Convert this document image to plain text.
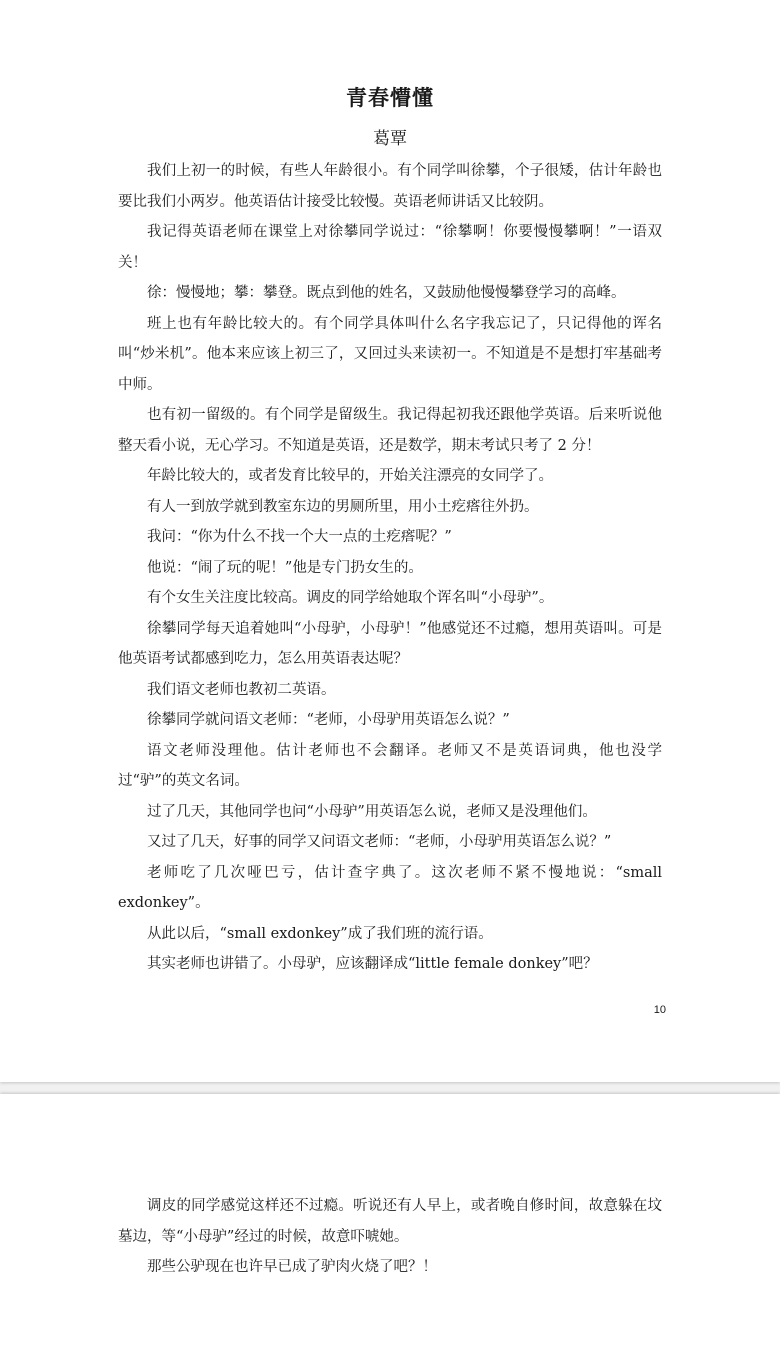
青春懵懂
葛覃

我们上初一的时候，有些人年龄很小。有个同学叫徐攀，个子很矮，估计年龄也要比我们小两岁。他英语估计接受比较慢。英语老师讲话又比较阴。

我记得英语老师在课堂上对徐攀同学说过：“徐攀啊！你要慢慢攀啊！”一语双关！

徐：慢慢地；攀：攀登。既点到他的姓名，又鼓励他慢慢攀登学习的高峰。

班上也有年龄比较大的。有个同学具体叫什么名字我忘记了，只记得他的诨名叫“炒米机”。他本来应该上初三了，又回过头来读初一。不知道是不是想打牢基础考中师。

也有初一留级的。有个同学是留级生。我记得起初我还跟他学英语。后来听说他整天看小说，无心学习。不知道是英语，还是数学，期末考试只考了 2 分！

年龄比较大的，或者发育比较早的，开始关注漂亮的女同学了。

有人一到放学就到教室东边的男厕所里，用小土疙瘩往外扔。

我问：“你为什么不找一个大一点的土疙瘩呢？”

他说：“闹了玩的呢！”他是专门扔女生的。

有个女生关注度比较高。调皮的同学给她取个诨名叫“小母驴”。

徐攀同学每天追着她叫“小母驴，小母驴！”他感觉还不过瘾，想用英语叫。可是他英语考试都感到吃力，怎么用英语表达呢？

我们语文老师也教初二英语。

徐攀同学就问语文老师：“老师，小母驴用英语怎么说？”

语文老师没理他。估计老师也不会翻译。老师又不是英语词典，他也没学过“驴”的英文名词。

过了几天，其他同学也问“小母驴”用英语怎么说，老师又是没理他们。

又过了几天，好事的同学又问语文老师：“老师，小母驴用英语怎么说？”

老师吃了几次哑巴亏，估计查字典了。这次老师不紧不慢地说：“small exdonkey”。

从此以后，“small exdonkey”成了我们班的流行语。

其实老师也讲错了。小母驴，应该翻译成“little female donkey”吧？

10

调皮的同学感觉这样还不过瘾。听说还有人早上，或者晚自修时间，故意躲在坟墓边，等“小母驴”经过的时候，故意吓唬她。

那些公驴现在也许早已成了驴肉火烧了吧？！
